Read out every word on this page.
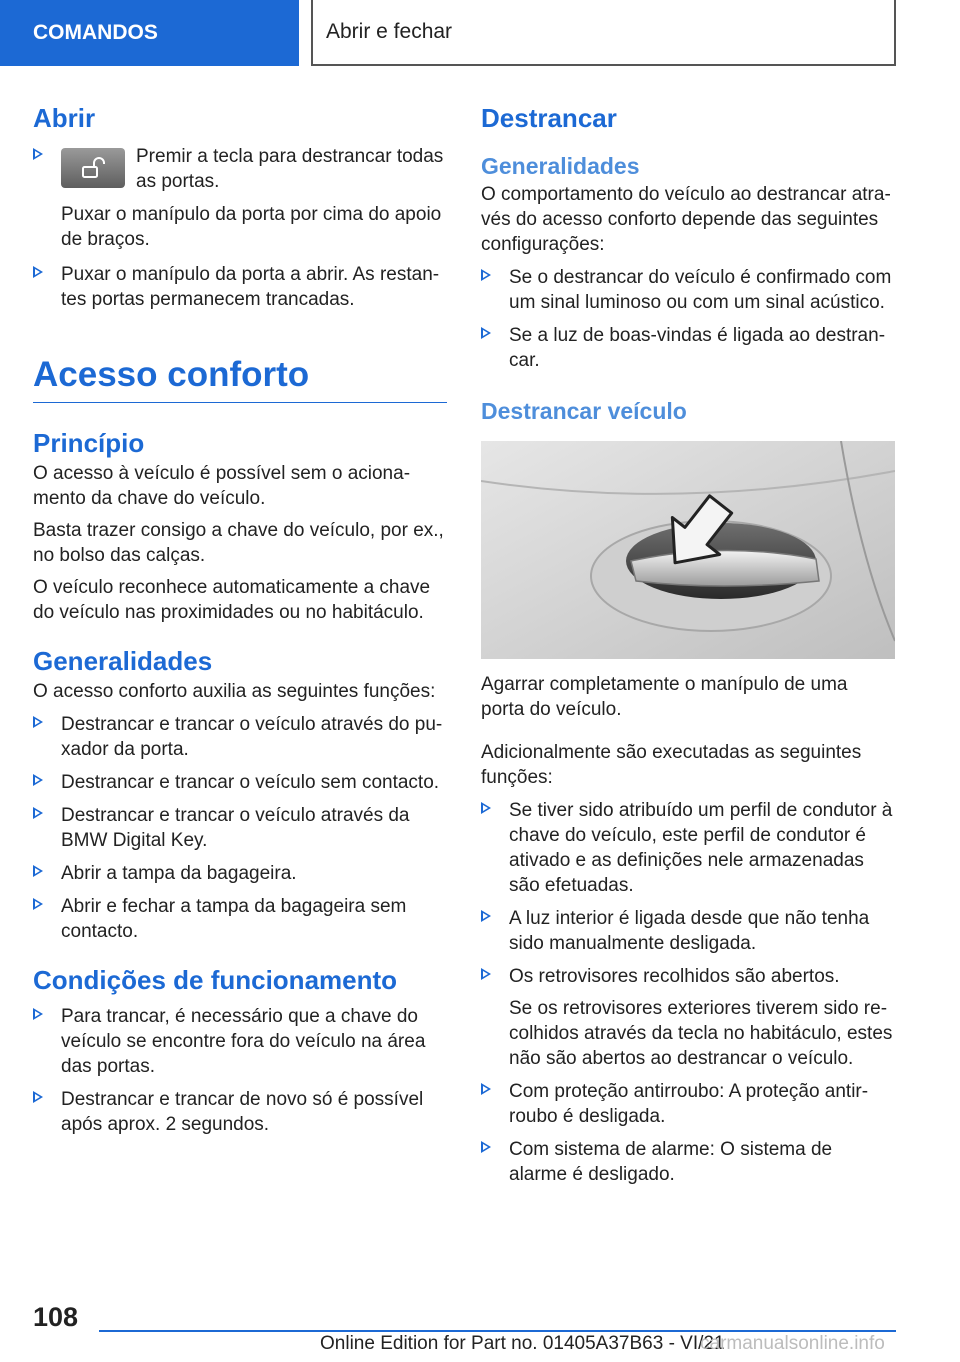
COMANDOS	Abrir e fechar
Abrir

Premir a tecla para destrancar todas as portas.

Puxar o manípulo da porta por cima do apoio de braços.

Puxar o manípulo da porta a abrir. As restantes portas permanecem trancadas.
Acesso conforto
Princípio

O acesso à veículo é possível sem o acionamento da chave do veículo.

Basta trazer consigo a chave do veículo, por ex., no bolso das calças.

O veículo reconhece automaticamente a chave do veículo nas proximidades ou no habitáculo.

Generalidades

O acesso conforto auxilia as seguintes funções:

Destrancar e trancar o veículo através do puxador da porta.
Destrancar e trancar o veículo sem contacto.
Destrancar e trancar o veículo através da BMW Digital Key.
Abrir a tampa da bagageira.
Abrir e fechar a tampa da bagageira sem contacto.
Condições de funcionamento
Para trancar, é necessário que a chave do veículo se encontre fora do veículo na área das portas.
Destrancar e trancar de novo só é possível após aprox. 2 segundos.
Destrancar
Generalidades

O comportamento do veículo ao destrancar através do acesso conforto depende das seguintes configurações:

Se o destrancar do veículo é confirmado com um sinal luminoso ou com um sinal acústico.
Se a luz de boas-vindas é ligada ao destrancar.
Destrancar veículo

Agarrar completamente o manípulo de uma porta do veículo.

Adicionalmente são executadas as seguintes funções:

Se tiver sido atribuído um perfil de condutor à chave do veículo, este perfil de condutor é ativado e as definições nele armazenadas são efetuadas.
A luz interior é ligada desde que não tenha sido manualmente desligada.
Os retrovisores recolhidos são abertos.

Se os retrovisores exteriores tiverem sido recolhidos através da tecla no habitáculo, estes não são abertos ao destrancar o veículo.

Com proteção antirroubo: A proteção antirroubo é desligada.
Com sistema de alarme: O sistema de alarme é desligado.
108
Online Edition for Part no. 01405A37B63 - VI/21
carmanualsonline.info
